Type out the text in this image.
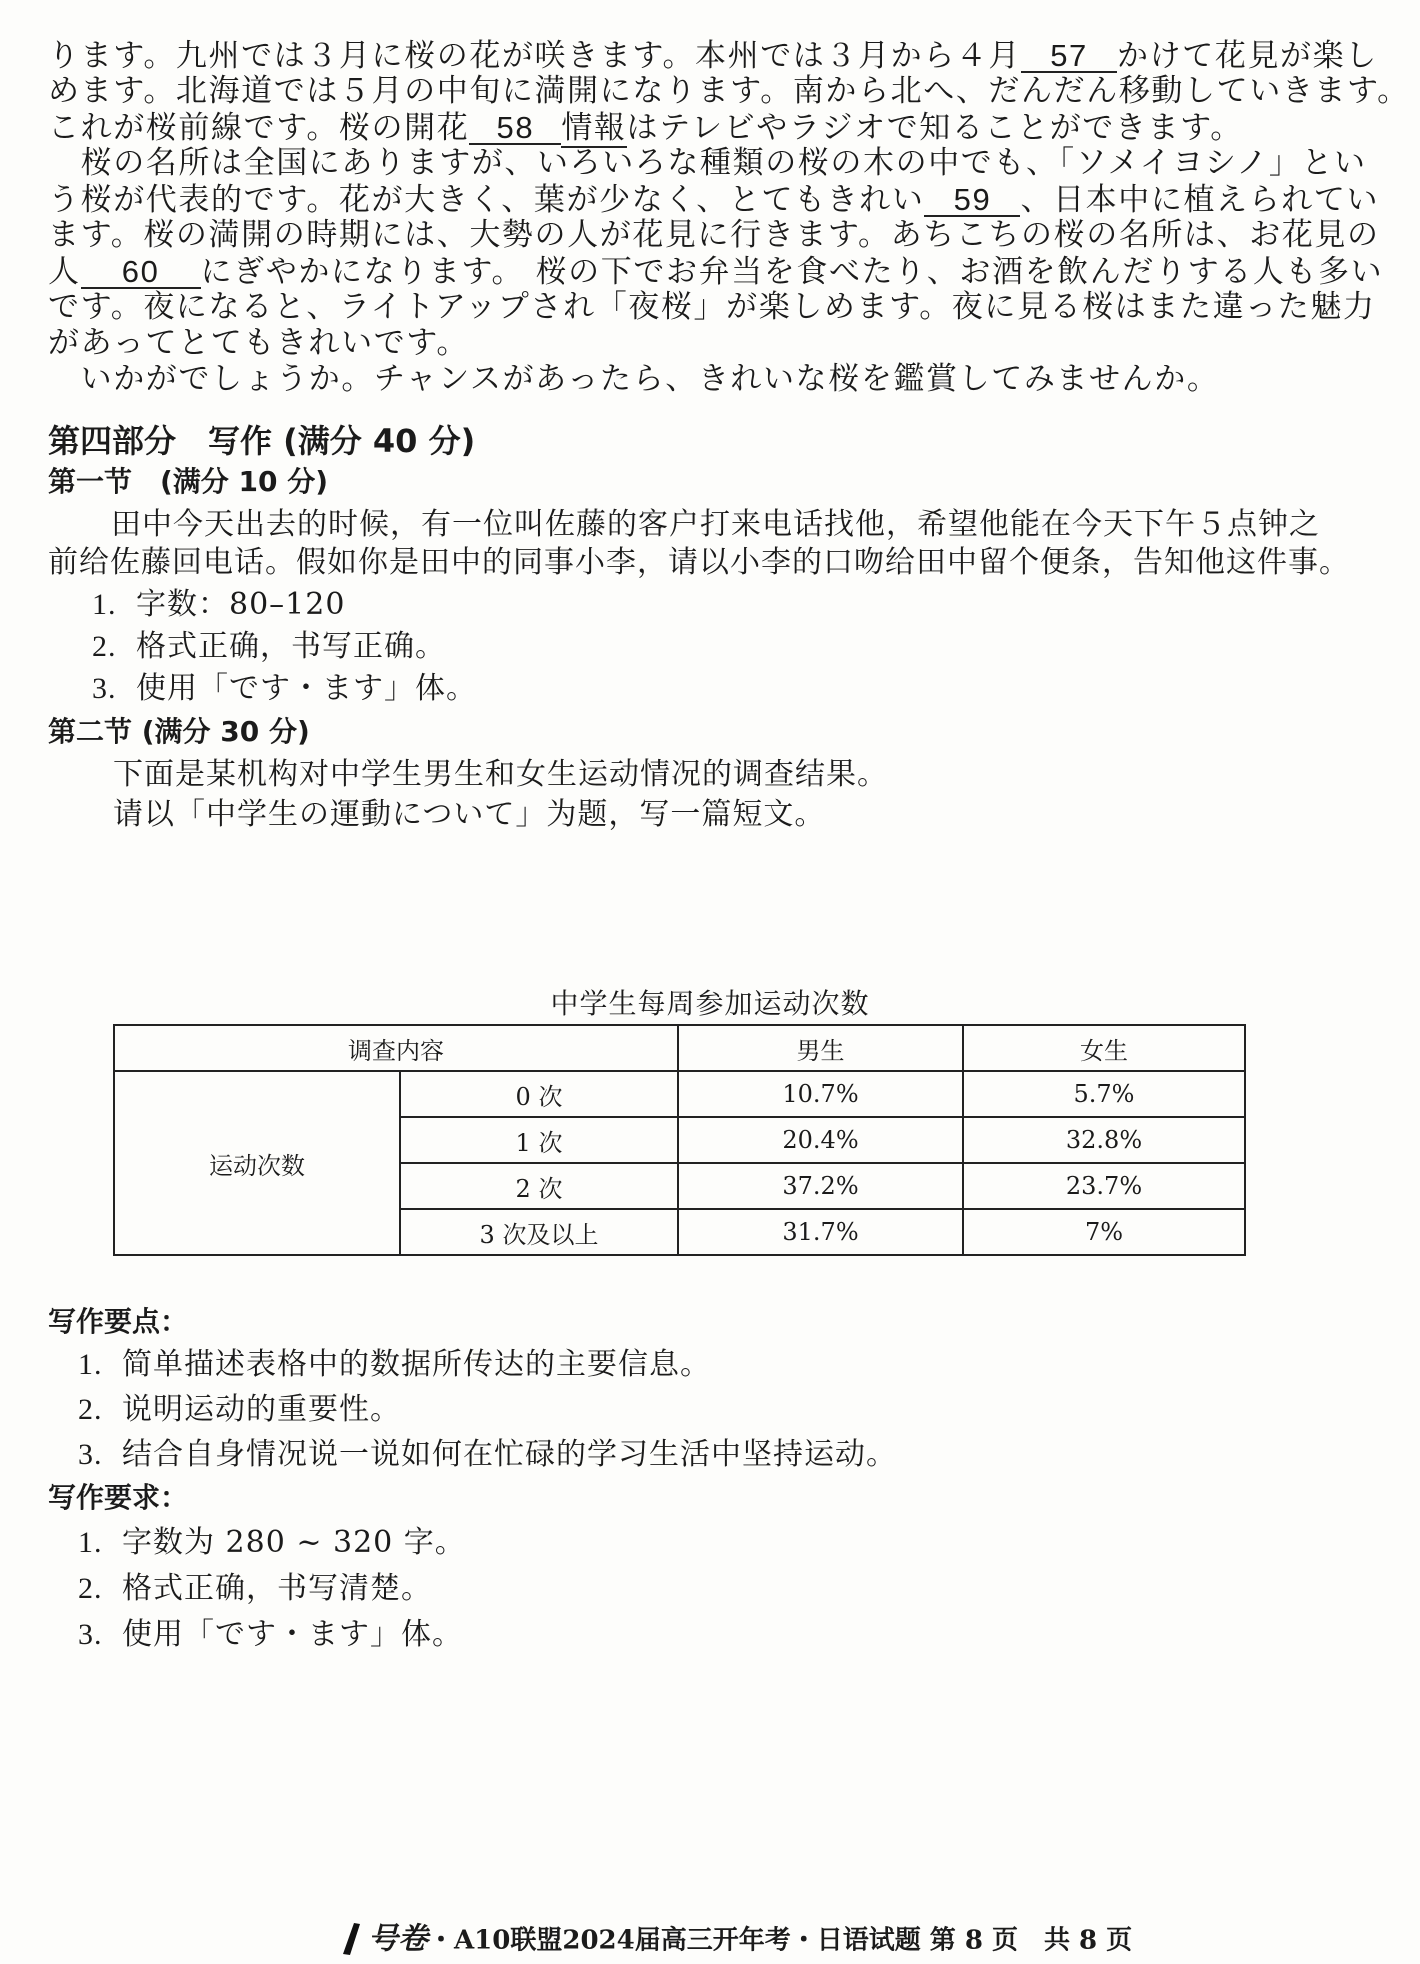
ります。九州では３月に桜の花が咲きます。本州では３月から４月 57 かけて花見が楽し
めます。北海道では５月の中旬に満開になります。南から北へ、だんだん移動していきます。
これが桜前線です。桜の開花 58 情報はテレビやラジオで知ることができます。
　桜の名所は全国にありますが、いろいろな種類の桜の木の中でも、「ソメイヨシノ」とい
う桜が代表的です。花が大きく、葉が少なく、とてもきれい 59 、日本中に植えられてい
ます。桜の満開の時期には、大勢の人が花見に行きます。あちこちの桜の名所は、お花見の
人 60 にぎやかになります。 桜の下でお弁当を食べたり、お酒を飲んだりする人も多い
です。夜になると、ライトアップされ「夜桜」が楽しめます。夜に見る桜はまた違った魅力
があってとてもきれいです。
　いかがでしょうか。チャンスがあったら、きれいな桜を鑑賞してみませんか。
第四部分　写作 (满分 40 分)
第一节　(满分 10 分)
　田中今天出去的时候，有一位叫佐藤的客户打来电话找他，希望他能在今天下午５点钟之
前给佐藤回电话。假如你是田中的同事小李，请以小李的口吻给田中留个便条，告知他这件事。
1. 字数：80–120
2. 格式正确，书写正确。
3. 使用「です・ます」体。
第二节 (满分 30 分)
下面是某机构对中学生男生和女生运动情况的调查结果。
请以「中学生の運動について」为题，写一篇短文。
中学生每周参加运动次数
调查内容		男生	女生
运动次数	0 次	10.7%	5.7%
	1 次	20.4%	32.8%
	2 次	37.2%	23.7%
	3 次及以上	31.7%	7%
写作要点：
1. 简单描述表格中的数据所传达的主要信息。
2. 说明运动的重要性。
3. 结合自身情况说一说如何在忙碌的学习生活中坚持运动。
写作要求：
1. 字数为 280 ~ 320 字。
2. 格式正确，书写清楚。
3. 使用「です・ます」体。
号卷・A10联盟2024届高三开年考・日语试题 第 8 页　共 8 页
